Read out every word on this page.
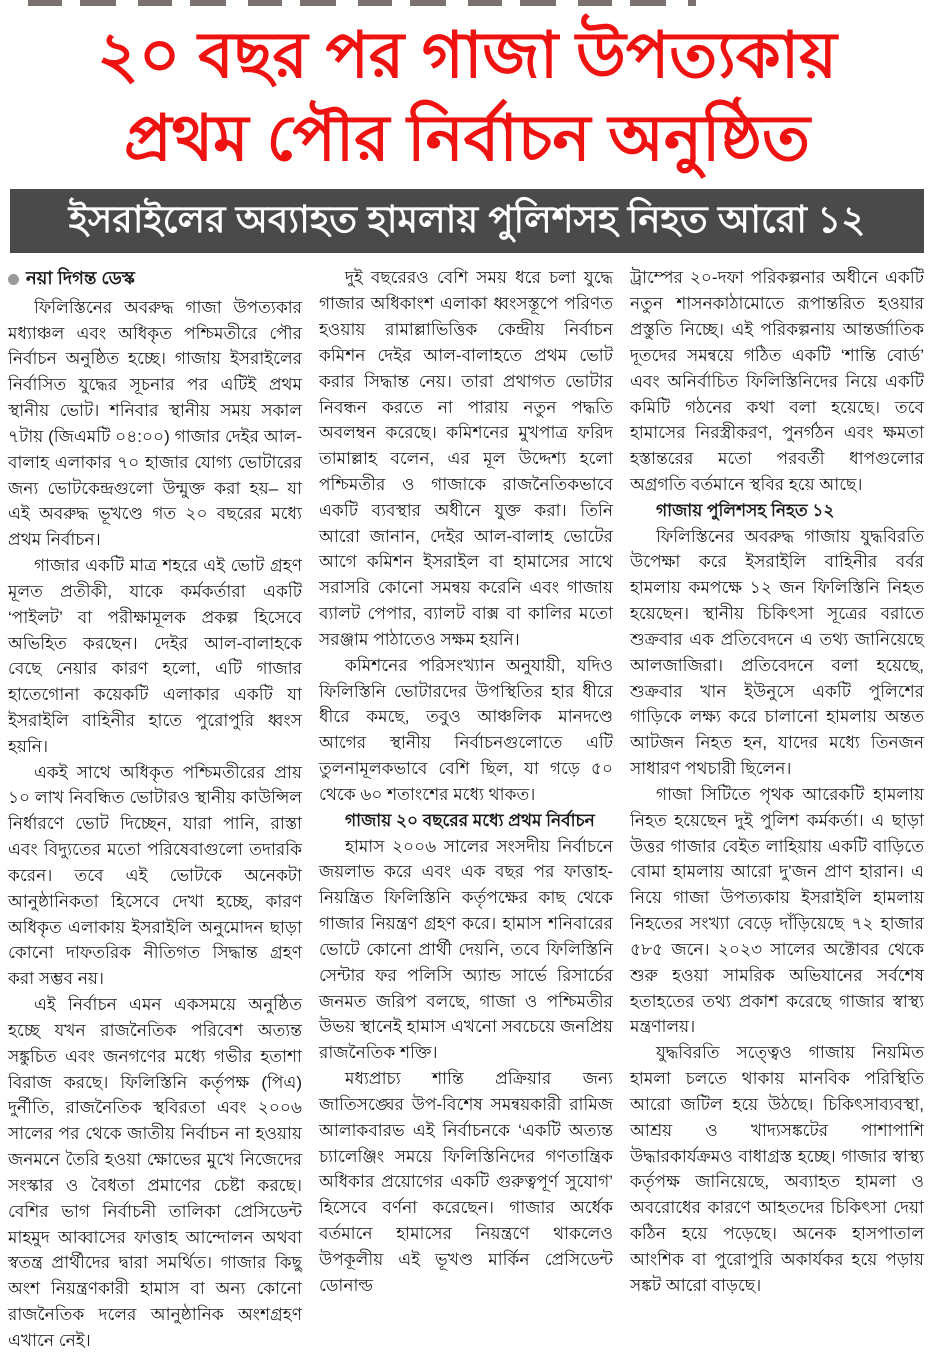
২০ বছর পর গাজা উপত্যকায়
প্রথম পৌর নির্বাচন অনুষ্ঠিত
ইসরাইলের অব্যাহত হামলায় পুলিশসহ নিহত আরো ১২
নয়া দিগন্ত ডেস্ক

ফিলিস্তিনের অবরুদ্ধ গাজা উপত্যকার মধ্যাঞ্চল এবং অধিকৃত পশ্চিমতীরে পৌর নির্বাচন অনুষ্ঠিত হচ্ছে। গাজায় ইসরাইলের নির্বাসিত যুদ্ধের সূচনার পর এটিই প্রথম স্থানীয় ভোট। শনিবার স্থানীয় সময় সকাল ৭টায় (জিএমটি ০৪:০০) গাজার দেইর আল-বালাহ এলাকার ৭০ হাজার যোগ্য ভোটারের জন্য ভোটকেন্দ্রগুলো উন্মুক্ত করা হয়– যা এই অবরুদ্ধ ভূখণ্ডে গত ২০ বছরের মধ্যে প্রথম নির্বাচন।

গাজার একটি মাত্র শহরে এই ভোট গ্রহণ মূলত প্রতীকী, যাকে কর্মকর্তারা একটি ‘পাইলট’ বা পরীক্ষামূলক প্রকল্প হিসেবে অভিহিত করছেন। দেইর আল-বালাহকে বেছে নেয়ার কারণ হলো, এটি গাজার হাতেগোনা কয়েকটি এলাকার একটি যা ইসরাইলি বাহিনীর হাতে পুরোপুরি ধ্বংস হয়নি।

একই সাথে অধিকৃত পশ্চিমতীরের প্রায় ১০ লাখ নিবন্ধিত ভোটারও স্থানীয় কাউন্সিল নির্ধারণে ভোট দিচ্ছেন, যারা পানি, রাস্তা এবং বিদ্যুতের মতো পরিষেবাগুলো তদারকি করেন। তবে এই ভোটকে অনেকটা আনুষ্ঠানিকতা হিসেবে দেখা হচ্ছে, কারণ অধিকৃত এলাকায় ইসরাইলি অনুমোদন ছাড়া কোনো দাফতরিক নীতিগত সিদ্ধান্ত গ্রহণ করা সম্ভব নয়।

এই নির্বাচন এমন একসময়ে অনুষ্ঠিত হচ্ছে যখন রাজনৈতিক পরিবেশ অত্যন্ত সঙ্কুচিত এবং জনগণের মধ্যে গভীর হতাশা বিরাজ করছে। ফিলিস্তিনি কর্তৃপক্ষ (পিএ) দুর্নীতি, রাজনৈতিক স্থবিরতা এবং ২০০৬ সালের পর থেকে জাতীয় নির্বাচন না হওয়ায় জনমনে তৈরি হওয়া ক্ষোভের মুখে নিজেদের সংস্কার ও বৈধতা প্রমাণের চেষ্টা করছে। বেশির ভাগ নির্বাচনী তালিকা প্রেসিডেন্ট মাহমুদ আব্বাসের ফাত্তাহ আন্দোলন অথবা স্বতন্ত্র প্রার্থীদের দ্বারা সমর্থিত। গাজার কিছু অংশ নিয়ন্ত্রণকারী হামাস বা অন্য কোনো রাজনৈতিক দলের আনুষ্ঠানিক অংশগ্রহণ এখানে নেই।

দুই বছরেরও বেশি সময় ধরে চলা যুদ্ধে গাজার অধিকাংশ এলাকা ধ্বংসস্তূপে পরিণত হওয়ায় রামাল্লাভিত্তিক কেন্দ্রীয় নির্বাচন কমিশন দেইর আল-বালাহতে প্রথম ভোট করার সিদ্ধান্ত নেয়। তারা প্রথাগত ভোটার নিবন্ধন করতে না পারায় নতুন পদ্ধতি অবলম্বন করেছে। কমিশনের মুখপাত্র ফরিদ তামাল্লাহ বলেন, এর মূল উদ্দেশ্য হলো পশ্চিমতীর ও গাজাকে রাজনৈতিকভাবে একটি ব্যবস্থার অধীনে যুক্ত করা। তিনি আরো জানান, দেইর আল-বালাহ ভোটের আগে কমিশন ইসরাইল বা হামাসের সাথে সরাসরি কোনো সমন্বয় করেনি এবং গাজায় ব্যালট পেপার, ব্যালট বাক্স বা কালির মতো সরঞ্জাম পাঠাতেও সক্ষম হয়নি।

কমিশনের পরিসংখ্যান অনুযায়ী, যদিও ফিলিস্তিনি ভোটারদের উপস্থিতির হার ধীরে ধীরে কমছে, তবুও আঞ্চলিক মানদণ্ডে আগের স্থানীয় নির্বাচনগুলোতে এটি তুলনামূলকভাবে বেশি ছিল, যা গড়ে ৫০ থেকে ৬০ শতাংশের মধ্যে থাকত।

গাজায় ২০ বছরের মধ্যে প্রথম নির্বাচন

হামাস ২০০৬ সালের সংসদীয় নির্বাচনে জয়লাভ করে এবং এক বছর পর ফাত্তাহ-নিয়ন্ত্রিত ফিলিস্তিনি কর্তৃপক্ষের কাছ থেকে গাজার নিয়ন্ত্রণ গ্রহণ করে। হামাস শনিবারের ভোটে কোনো প্রার্থী দেয়নি, তবে ফিলিস্তিনি সেন্টার ফর পলিসি অ্যান্ড সার্ভে রিসার্চের জনমত জরিপ বলছে, গাজা ও পশ্চিমতীর উভয় স্থানেই হামাস এখনো সবচেয়ে জনপ্রিয় রাজনৈতিক শক্তি।

মধ্যপ্রাচ্য শান্তি প্রক্রিয়ার জন্য জাতিসঙ্ঘের উপ-বিশেষ সমন্বয়কারী রামিজ আলাকবারভ এই নির্বাচনকে ‘একটি অত্যন্ত চ্যালেঞ্জিং সময়ে ফিলিস্তিনিদের গণতান্ত্রিক অধিকার প্রয়োগের একটি গুরুত্বপূর্ণ সুযোগ’ হিসেবে বর্ণনা করেছেন। গাজার অর্ধেক বর্তমানে হামাসের নিয়ন্ত্রণে থাকলেও উপকূলীয় এই ভূখণ্ড মার্কিন প্রেসিডেন্ট ডোনাল্ড

ট্রাম্পের ২০-দফা পরিকল্পনার অধীনে একটি নতুন শাসনকাঠামোতে রূপান্তরিত হওয়ার প্রস্তুতি নিচ্ছে। এই পরিকল্পনায় আন্তর্জাতিক দূতদের সমন্বয়ে গঠিত একটি ‘শান্তি বোর্ড’ এবং অনির্বাচিত ফিলিস্তিনিদের নিয়ে একটি কমিটি গঠনের কথা বলা হয়েছে। তবে হামাসের নিরস্ত্রীকরণ, পুনর্গঠন এবং ক্ষমতা হস্তান্তরের মতো পরবর্তী ধাপগুলোর অগ্রগতি বর্তমানে স্থবির হয়ে আছে।

গাজায় পুলিশসহ নিহত ১২

ফিলিস্তিনের অবরুদ্ধ গাজায় যুদ্ধবিরতি উপেক্ষা করে ইসরাইলি বাহিনীর বর্বর হামলায় কমপক্ষে ১২ জন ফিলিস্তিনি নিহত হয়েছেন। স্থানীয় চিকিৎসা সূত্রের বরাতে শুক্রবার এক প্রতিবেদনে এ তথ্য জানিয়েছে আলজাজিরা। প্রতিবেদনে বলা হয়েছে, শুক্রবার খান ইউনুসে একটি পুলিশের গাড়িকে লক্ষ্য করে চালানো হামলায় অন্তত আটজন নিহত হন, যাদের মধ্যে তিনজন সাধারণ পথচারী ছিলেন।

গাজা সিটিতে পৃথক আরেকটি হামলায় নিহত হয়েছেন দুই পুলিশ কর্মকর্তা। এ ছাড়া উত্তর গাজার বেইত লাহিয়ায় একটি বাড়িতে বোমা হামলায় আরো দু’জন প্রাণ হারান। এ নিয়ে গাজা উপত্যকায় ইসরাইলি হামলায় নিহতের সংখ্যা বেড়ে দাঁড়িয়েছে ৭২ হাজার ৫৮৫ জনে। ২০২৩ সালের অক্টোবর থেকে শুরু হওয়া সামরিক অভিযানের সর্বশেষ হতাহতের তথ্য প্রকাশ করেছে গাজার স্বাস্থ্য মন্ত্রণালয়।

যুদ্ধবিরতি সত্ত্বেও গাজায় নিয়মিত হামলা চলতে থাকায় মানবিক পরিস্থিতি আরো জটিল হয়ে উঠছে। চিকিৎসাব্যবস্থা, আশ্রয় ও খাদ্যসঙ্কটের পাশাপাশি উদ্ধারকার্যক্রমও বাধাগ্রস্ত হচ্ছে। গাজার স্বাস্থ্য কর্তৃপক্ষ জানিয়েছে, অব্যাহত হামলা ও অবরোধের কারণে আহতদের চিকিৎসা দেয়া কঠিন হয়ে পড়েছে। অনেক হাসপাতাল আংশিক বা পুরোপুরি অকার্যকর হয়ে পড়ায় সঙ্কট আরো বাড়ছে।
